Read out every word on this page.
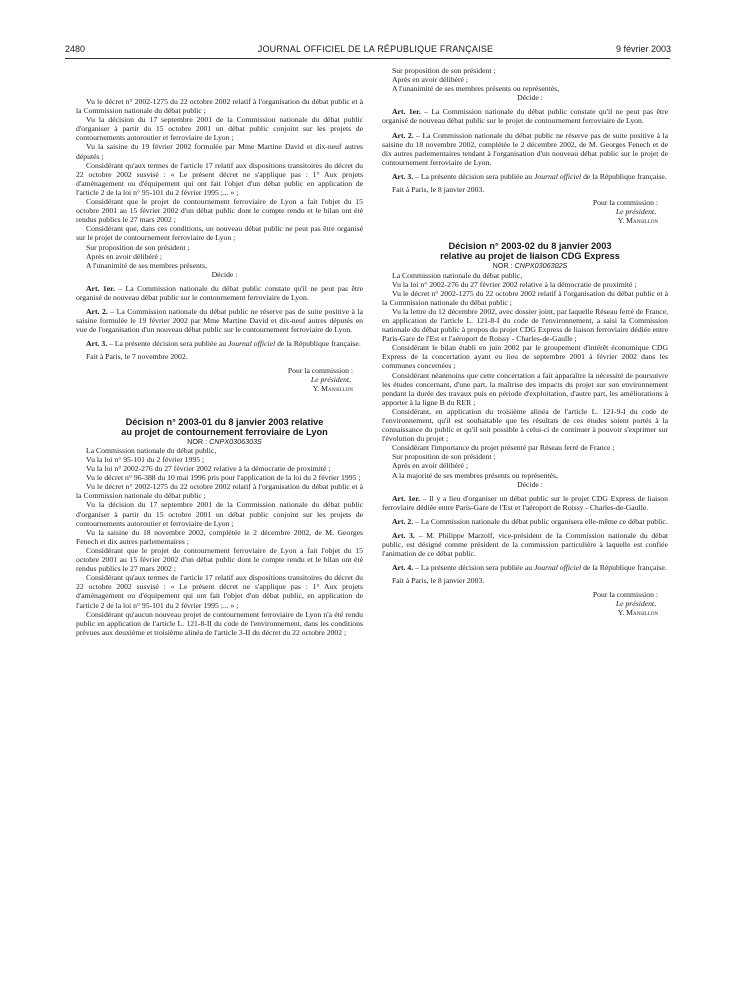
2480	JOURNAL OFFICIEL DE LA RÉPUBLIQUE FRANÇAISE	9 février 2003

Vu le décret n° 2002-1275 du 22 octobre 2002 relatif à l'organisation du débat public et à la Commission nationale du débat public ;

Vu la décision du 17 septembre 2001 de la Commission nationale du débat public d'organiser à partir du 15 octobre 2001 un débat public conjoint sur les projets de contournements autoroutier et ferroviaire de Lyon ;

Vu la saisine du 19 février 2002 formulée par Mme Martine David et dix-neuf autres députés ;

Considérant qu'aux termes de l'article 17 relatif aux dispositions transitoires du décret du 22 octobre 2002 susvisé : « Le présent décret ne s'applique pas : 1° Aux projets d'aménagement ou d'équipement qui ont fait l'objet d'un débat public en application de l'article 2 de la loi n° 95-101 du 2 février 1995 ;... » ;

Considérant que le projet de contournement ferroviaire de Lyon a fait l'objet du 15 octobre 2001 au 15 février 2002 d'un débat public dont le compte rendu et le bilan ont été rendus publics le 27 mars 2002 ;

Considérant que, dans ces conditions, un nouveau débat public ne peut pas être organisé sur le projet de contournement ferroviaire de Lyon ;

Sur proposition de son président ;

Après en avoir délibéré ;

A l'unanimité de ses membres présents,

Décide :

Art. 1er. – La Commission nationale du débat public constate qu'il ne peut pas être organisé de nouveau débat public sur le contournement ferroviaire de Lyon.

Art. 2. – La Commission nationale du débat public ne réserve pas de suite positive à la saisine formulée le 19 février 2002 par Mme Martine David et dix-neuf autres députés en vue de l'organisation d'un nouveau débat public sur le contournement ferroviaire de Lyon.

Art. 3. – La présente décision sera publiée au Journal officiel de la République française.

Fait à Paris, le 7 novembre 2002.

Pour la commission :

Le président,

Y. Mansillon

Décision n° 2003-01 du 8 janvier 2003 relative

au projet de contournement ferroviaire de Lyon

NOR : CNPX0306303S

La Commission nationale du débat public,

Vu la loi n° 95-101 du 2 février 1995 ;

Vu la loi n° 2002-276 du 27 février 2002 relative à la démocratie de proximité ;

Vu le décret n° 96-388 du 10 mai 1996 pris pour l'application de la loi du 2 février 1995 ;

Vu le décret n° 2002-1275 du 22 octobre 2002 relatif à l'organisation du débat public et à la Commission nationale du débat public ;

Vu la décision du 17 septembre 2001 de la Commission nationale du débat public d'organiser à partir du 15 octobre 2001 un débat public conjoint sur les projets de contournements autoroutier et ferroviaire de Lyon ;

Vu la saisine du 18 novembre 2002, complétée le 2 décembre 2002, de M. Georges Fenech et dix autres parlementaires ;

Considérant que le projet de contournement ferroviaire de Lyon a fait l'objet du 15 octobre 2001 au 15 février 2002 d'un débat public dont le compte rendu et le bilan ont été rendus publics le 27 mars 2002 ;

Considérant qu'aux termes de l'article 17 relatif aux dispositions transitoires du décret du 22 octobre 2002 susvisé : « Le présent décret ne s'applique pas : 1° Aux projets d'aménagement ou d'équipement qui ont fait l'objet d'un débat public, en application de l'article 2 de la loi n° 95-101 du 2 février 1995 ;... » ;

Considérant qu'aucun nouveau projet de contournement ferroviaire de Lyon n'a été rendu public en application de l'article L. 121-8-II du code de l'environnement, dans les conditions prévues aux deuxième et troisième alinéa de l'article 3-II du décret du 22 octobre 2002 ;

Sur proposition de son président ;

Après en avoir délibéré ;

A l'unanimité de ses membres présents ou représentés,

Décide :

Art. 1er. – La Commission nationale du débat public constate qu'il ne peut pas être organisé de nouveau débat public sur le projet de contournement ferroviaire de Lyon.

Art. 2. – La Commission nationale du débat public ne réserve pas de suite positive à la saisine du 18 novembre 2002, complétée le 2 décembre 2002, de M. Georges Fenech et de dix autres parlementaires tendant à l'organisation d'un nouveau débat public sur le projet de contournement ferroviaire de Lyon.

Art. 3. – La présente décision sera publiée au Journal officiel de la République française.

Fait à Paris, le 8 janvier 2003.

Pour la commission :

Le président,

Y. Mansillon

Décision n° 2003-02 du 8 janvier 2003

relative au projet de liaison CDG Express

NOR : CNPX0306302S

La Commission nationale du débat public,

Vu la loi n° 2002-276 du 27 février 2002 relative à la démocratie de proximité ;

Vu le décret n° 2002-1275 du 22 octobre 2002 relatif à l'organisation du débat public et à la Commission nationale du débat public ;

Vu la lettre du 12 décembre 2002, avec dossier joint, par laquelle Réseau ferré de France, en application de l'article L. 121-8-I du code de l'environnement, a saisi la Commission nationale du débat public à propos du projet CDG Express de liaison ferroviaire dédiée entre Paris-Gare de l'Est et l'aéroport de Roissy - Charles-de-Gaulle ;

Considérant le bilan établi en juin 2002 par le groupement d'intérêt économique CDG Express de la concertation ayant eu lieu de septembre 2001 à février 2002 dans les communes concernées ;

Considérant néanmoins que cette concertation a fait apparaître la nécessité de poursuivre les études concernant, d'une part, la maîtrise des impacts du projet sur son environnement pendant la durée des travaux puis en période d'exploitation, d'autre part, les améliorations à apporter à la ligne B du RER ;

Considérant, en application du troisième alinéa de l'article L. 121-9-I du code de l'environnement, qu'il est souhaitable que les résultats de ces études soient portés à la connaissance du public et qu'il soit possible à celui-ci de continuer à pouvoir s'exprimer sur l'évolution du projet ;

Considérant l'importance du projet présenté par Réseau ferré de France ;

Sur proposition de son président ;

Après en avoir délibéré ;

A la majorité de ses membres présents ou représentés,

Décide :

Art. 1er. – Il y a lieu d'organiser un débat public sur le projet CDG Express de liaison ferroviaire dédiée entre Paris-Gare de l'Est et l'aéroport de Roissy - Charles-de-Gaulle.

Art. 2. – La Commission nationale du débat public organisera elle-même ce débat public.

Art. 3. – M. Philippe Marzolf, vice-président de la Commission nationale du débat public, est désigné comme président de la commission particulière à laquelle est confiée l'animation de ce débat public.

Art. 4. – La présente décision sera publiée au Journal officiel de la République française.

Fait à Paris, le 8 janvier 2003.

Pour la commission :

Le président,

Y. Mansillon
